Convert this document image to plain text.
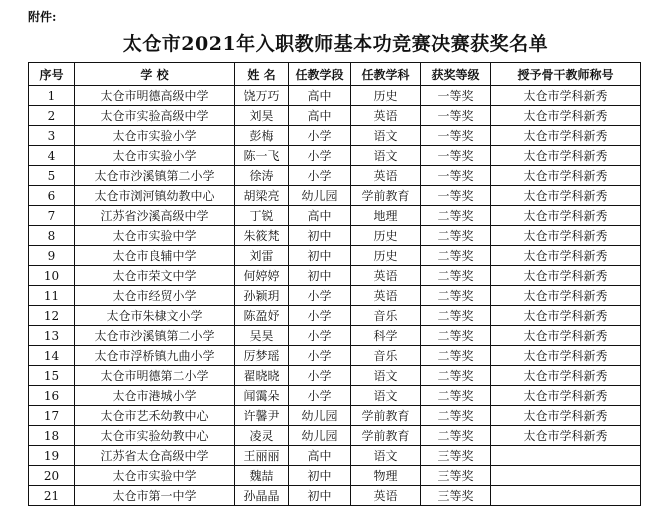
附件:
太仓市2021年入职教师基本功竞赛决赛获奖名单
序号	学 校	姓 名	任教学段	任教学科	获奖等级	授予骨干教师称号
1	太仓市明德高级中学	饶万巧	高中	历史	一等奖	太仓市学科新秀
2	太仓市实验高级中学	刘昊	高中	英语	一等奖	太仓市学科新秀
3	太仓市实验小学	彭梅	小学	语文	一等奖	太仓市学科新秀
4	太仓市实验小学	陈一飞	小学	语文	一等奖	太仓市学科新秀
5	太仓市沙溪镇第二小学	徐涛	小学	英语	一等奖	太仓市学科新秀
6	太仓市浏河镇幼教中心	胡梁亮	幼儿园	学前教育	一等奖	太仓市学科新秀
7	江苏省沙溪高级中学	丁锐	高中	地理	二等奖	太仓市学科新秀
8	太仓市实验中学	朱筱梵	初中	历史	二等奖	太仓市学科新秀
9	太仓市良辅中学	刘雷	初中	历史	二等奖	太仓市学科新秀
10	太仓市荣文中学	何婷婷	初中	英语	二等奖	太仓市学科新秀
11	太仓市经贸小学	孙颖玥	小学	英语	二等奖	太仓市学科新秀
12	太仓市朱棣文小学	陈盈妤	小学	音乐	二等奖	太仓市学科新秀
13	太仓市沙溪镇第二小学	吴昊	小学	科学	二等奖	太仓市学科新秀
14	太仓市浮桥镇九曲小学	厉梦瑶	小学	音乐	二等奖	太仓市学科新秀
15	太仓市明德第二小学	翟晓晓	小学	语文	二等奖	太仓市学科新秀
16	太仓市港城小学	闻霭朵	小学	语文	二等奖	太仓市学科新秀
17	太仓市艺禾幼教中心	许馨尹	幼儿园	学前教育	二等奖	太仓市学科新秀
18	太仓市实验幼教中心	凌灵	幼儿园	学前教育	二等奖	太仓市学科新秀
19	江苏省太仓高级中学	王丽丽	高中	语文	三等奖	
20	太仓市实验中学	魏喆	初中	物理	三等奖	
21	太仓市第一中学	孙晶晶	初中	英语	三等奖	
